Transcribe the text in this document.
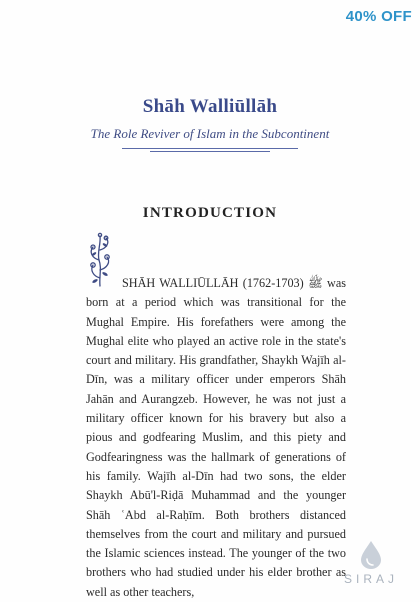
40% OFF
Shāh Walliūllāh
The Role Reviver of Islam in the Subcontinent
INTRODUCTION

SHĀH WALLIŪLLĀH ﷺ (1703-1762) was born at a period which was transitional for the Mughal Empire. His forefathers were among the Mughal elite who played an active role in the state's court and military. His grandfather, Shaykh Wajīh al-Dīn, was a military officer under emperors Shāh Jahān and Aurangzeb. However, he was not just a military officer known for his bravery but also a pious and godfearing Muslim, and this piety and Godfearingness was the hallmark of generations of his family. Wajīh al-Dīn had two sons, the elder Shaykh Abū'l-Riḍā Muhammad and the younger Shāh ʿAbd al-Raḥīm. Both brothers distanced themselves from the court and military and pursued the Islamic sciences instead. The younger of the two brothers who had studied under his elder brother as well as other teachers,

SIRAJ
